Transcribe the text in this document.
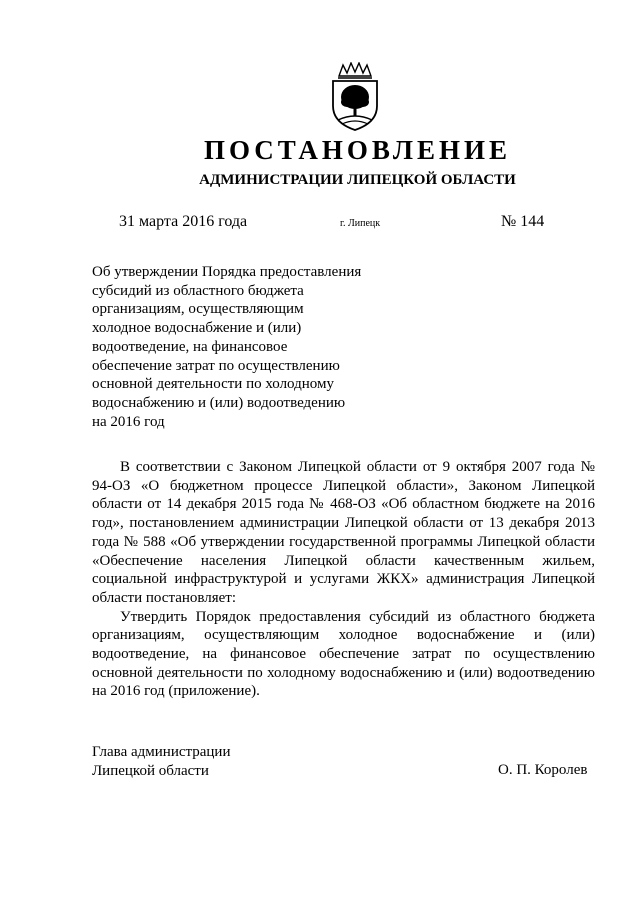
ПОСТАНОВЛЕНИЕ
АДМИНИСТРАЦИИ ЛИПЕЦКОЙ ОБЛАСТИ
31 марта 2016 года	г. Липецк	№ 144
Об утверждении Порядка предоставления
субсидий из областного бюджета
организациям, осуществляющим
холодное водоснабжение и (или)
водоотведение, на финансовое
обеспечение затрат по осуществлению
основной деятельности по холодному
водоснабжению и (или) водоотведению
на 2016 год

В соответствии с Законом Липецкой области от 9 октября 2007 года № 94-ОЗ «О бюджетном процессе Липецкой области», Законом Липецкой области от 14 декабря 2015 года № 468-ОЗ «Об областном бюджете на 2016 год», постановлением администрации Липецкой области от 13 декабря 2013 года № 588 «Об утверждении государственной программы Липецкой области «Обеспечение населения Липецкой области качественным жильем, социальной инфраструктурой и услугами ЖКХ» администрация Липецкой области постановляет:

Утвердить Порядок предоставления субсидий из областного бюджета организациям, осуществляющим холодное водоснабжение и (или) водоотведение, на финансовое обеспечение затрат по осуществлению основной деятельности по холодному водоснабжению и (или) водоотведению на 2016 год (приложение).

Глава администрации
Липецкой области	О. П. Королев
